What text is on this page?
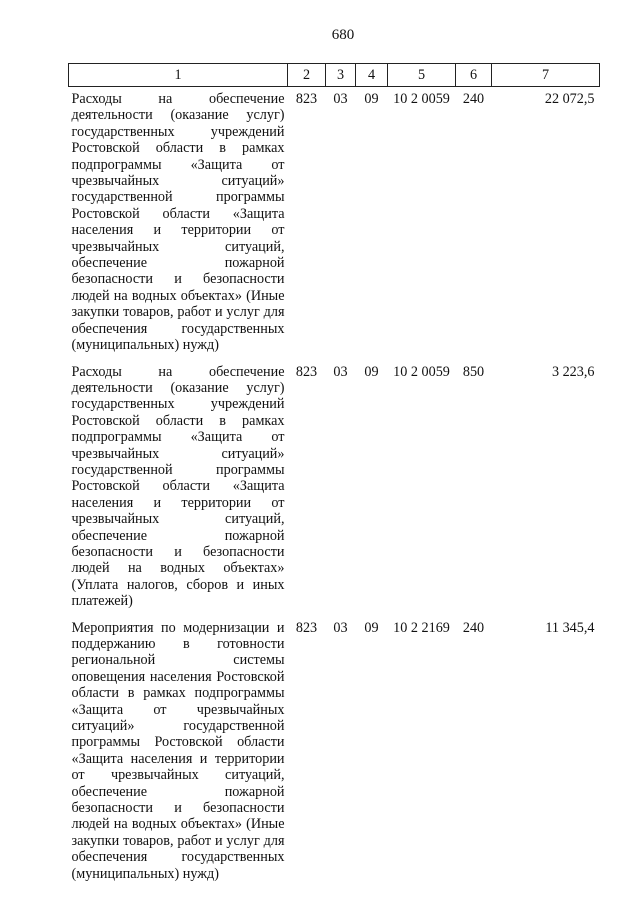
680
1	2	3	4	5	6	7
Расходы на обеспечение деятельности (оказание услуг) государственных учреждений Ростовской области в рамках подпрограммы «Защита от чрезвычайных ситуаций» государственной программы Ростовской области «Защита населения и территории от чрезвычайных ситуаций, обеспечение пожарной безопасности и безопасности людей на водных объектах» (Иные закупки товаров, работ и услуг для обеспечения государственных (муниципальных) нужд)	823	03	09	10 2 0059	240	22 072,5
Расходы на обеспечение деятельности (оказание услуг) государственных учреждений Ростовской области в рамках подпрограммы «Защита от чрезвычайных ситуаций» государственной программы Ростовской области «Защита населения и территории от чрезвычайных ситуаций, обеспечение пожарной безопасности и безопасности людей на водных объектах» (Уплата налогов, сборов и иных платежей)	823	03	09	10 2 0059	850	3 223,6
Мероприятия по модернизации и поддержанию в готовности региональной системы оповещения населения Ростовской области в рамках подпрограммы «Защита от чрезвычайных ситуаций» государственной программы Ростовской области «Защита населения и территории от чрезвычайных ситуаций, обеспечение пожарной безопасности и безопасности людей на водных объектах» (Иные закупки товаров, работ и услуг для обеспечения государственных (муниципальных) нужд)	823	03	09	10 2 2169	240	11 345,4
